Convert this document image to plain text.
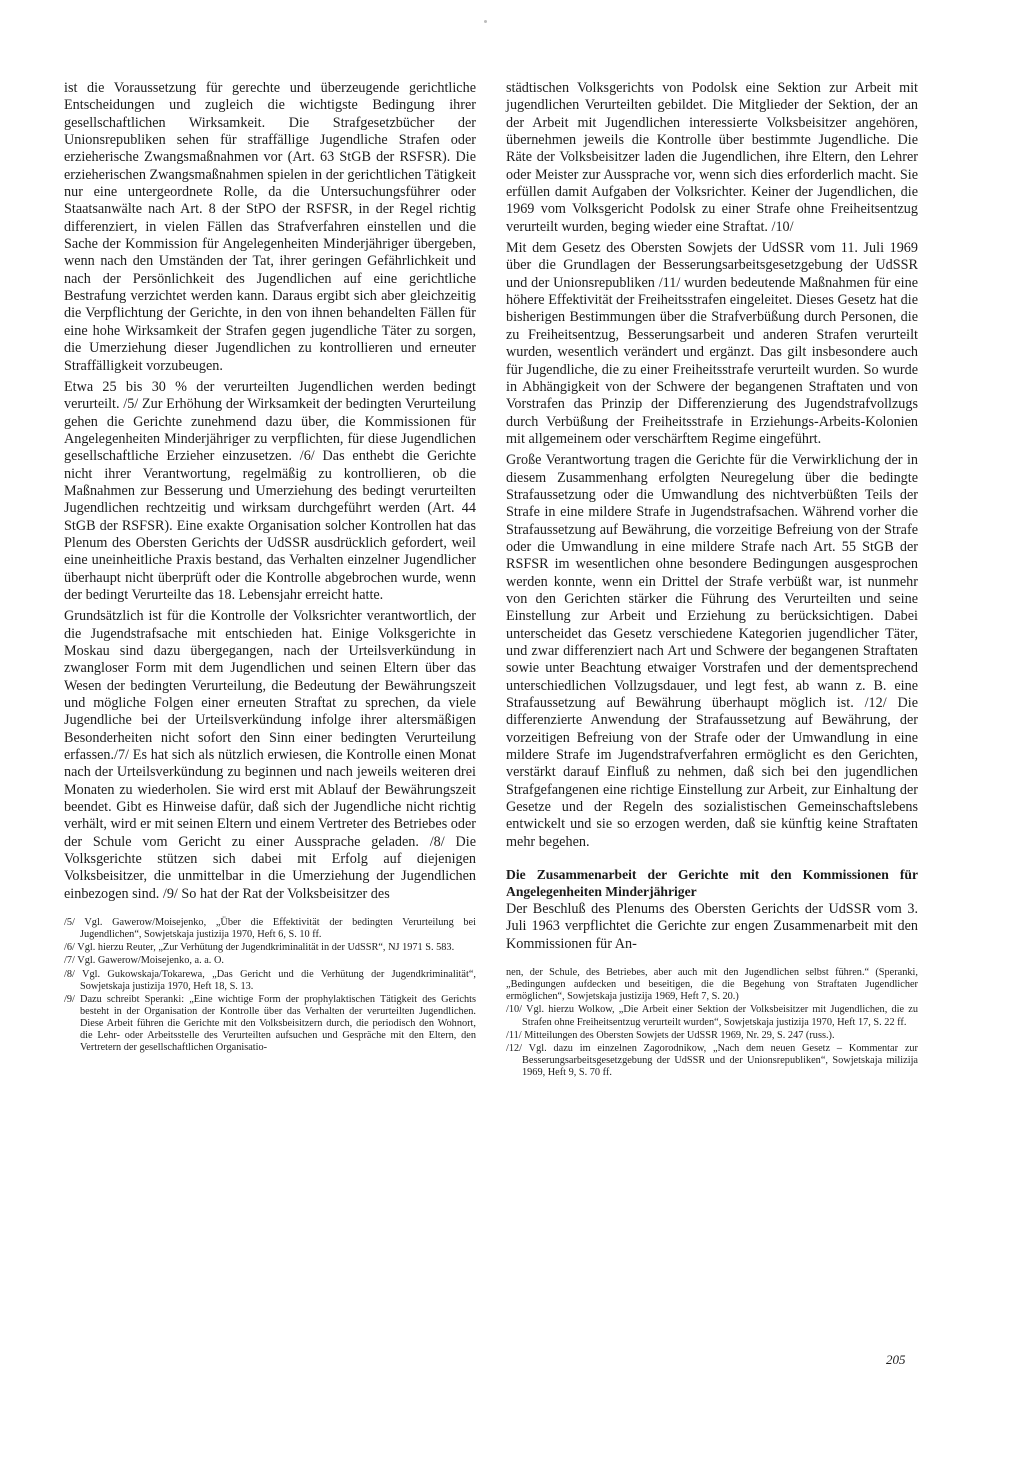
ist die Voraussetzung für gerechte und überzeugende gerichtliche Entscheidungen und zugleich die wichtigste Bedingung ihrer gesellschaftlichen Wirksamkeit. Die Strafgesetzbücher der Unionsrepubliken sehen für straffällige Jugendliche Strafen oder erzieherische Zwangsmaßnahmen vor (Art. 63 StGB der RSFSR). Die erzieherischen Zwangsmaßnahmen spielen in der gerichtlichen Tätigkeit nur eine untergeordnete Rolle, da die Untersuchungsführer oder Staatsanwälte nach Art. 8 der StPO der RSFSR, in der Regel richtig differenziert, in vielen Fällen das Strafverfahren einstellen und die Sache der Kommission für Angelegenheiten Minderjähriger übergeben, wenn nach den Umständen der Tat, ihrer geringen Gefährlichkeit und nach der Persönlichkeit des Jugendlichen auf eine gerichtliche Bestrafung verzichtet werden kann. Daraus ergibt sich aber gleichzeitig die Verpflichtung der Gerichte, in den von ihnen behandelten Fällen für eine hohe Wirksamkeit der Strafen gegen jugendliche Täter zu sorgen, die Umerziehung dieser Jugendlichen zu kontrollieren und erneuter Straffälligkeit vorzubeugen.

Etwa 25 bis 30 % der verurteilten Jugendlichen werden bedingt verurteilt. /5/ Zur Erhöhung der Wirksamkeit der bedingten Verurteilung gehen die Gerichte zunehmend dazu über, die Kommissionen für Angelegenheiten Minderjähriger zu verpflichten, für diese Jugendlichen gesellschaftliche Erzieher einzusetzen. /6/ Das enthebt die Gerichte nicht ihrer Verantwortung, regelmäßig zu kontrollieren, ob die Maßnahmen zur Besserung und Umerziehung des bedingt verurteilten Jugendlichen rechtzeitig und wirksam durchgeführt werden (Art. 44 StGB der RSFSR). Eine exakte Organisation solcher Kontrollen hat das Plenum des Obersten Gerichts der UdSSR ausdrücklich gefordert, weil eine uneinheitliche Praxis bestand, das Verhalten einzelner Jugendlicher überhaupt nicht überprüft oder die Kontrolle abgebrochen wurde, wenn der bedingt Verurteilte das 18. Lebensjahr erreicht hatte.

Grundsätzlich ist für die Kontrolle der Volksrichter verantwortlich, der die Jugendstrafsache mit entschieden hat. Einige Volksgerichte in Moskau sind dazu übergegangen, nach der Urteilsverkündung in zwangloser Form mit dem Jugendlichen und seinen Eltern über das Wesen der bedingten Verurteilung, die Bedeutung der Bewährungszeit und mögliche Folgen einer erneuten Straftat zu sprechen, da viele Jugendliche bei der Urteilsverkündung infolge ihrer altersmäßigen Besonderheiten nicht sofort den Sinn einer bedingten Verurteilung erfassen./7/ Es hat sich als nützlich erwiesen, die Kontrolle einen Monat nach der Urteilsverkündung zu beginnen und nach jeweils weiteren drei Monaten zu wiederholen. Sie wird erst mit Ablauf der Bewährungszeit beendet. Gibt es Hinweise dafür, daß sich der Jugendliche nicht richtig verhält, wird er mit seinen Eltern und einem Vertreter des Betriebes oder der Schule vom Gericht zu einer Aussprache geladen. /8/ Die Volksgerichte stützen sich dabei mit Erfolg auf diejenigen Volksbeisitzer, die unmittelbar in die Umerziehung der Jugendlichen einbezogen sind. /9/ So hat der Rat der Volksbeisitzer des

/5/ Vgl. Gawerow/Moisejenko, „Über die Effektivität der bedingten Verurteilung bei Jugendlichen“, Sowjetskaja justizija 1970, Heft 6, S. 10 ff.

/6/ Vgl. hierzu Reuter, „Zur Verhütung der Jugendkriminalität in der UdSSR“, NJ 1971 S. 583.

/7/ Vgl. Gawerow/Moisejenko, a. a. O.

/8/ Vgl. Gukowskaja/Tokarewa, „Das Gericht und die Verhütung der Jugendkriminalität“, Sowjetskaja justizija 1970, Heft 18, S. 13.

/9/ Dazu schreibt Speranki: „Eine wichtige Form der prophylaktischen Tätigkeit des Gerichts besteht in der Organisation der Kontrolle über das Verhalten der verurteilten Jugendlichen. Diese Arbeit führen die Gerichte mit den Volksbeisitzern durch, die periodisch den Wohnort, die Lehr- oder Arbeitsstelle des Verurteilten aufsuchen und Gespräche mit den Eltern, den Vertretern der gesellschaftlichen Organisatio-

städtischen Volksgerichts von Podolsk eine Sektion zur Arbeit mit jugendlichen Verurteilten gebildet. Die Mitglieder der Sektion, der an der Arbeit mit Jugendlichen interessierte Volksbeisitzer angehören, übernehmen jeweils die Kontrolle über bestimmte Jugendliche. Die Räte der Volksbeisitzer laden die Jugendlichen, ihre Eltern, den Lehrer oder Meister zur Aussprache vor, wenn sich dies erforderlich macht. Sie erfüllen damit Aufgaben der Volksrichter. Keiner der Jugendlichen, die 1969 vom Volksgericht Podolsk zu einer Strafe ohne Freiheitsentzug verurteilt wurden, beging wieder eine Straftat. /10/

Mit dem Gesetz des Obersten Sowjets der UdSSR vom 11. Juli 1969 über die Grundlagen der Besserungsarbeitsgesetzgebung der UdSSR und der Unionsrepubliken /11/ wurden bedeutende Maßnahmen für eine höhere Effektivität der Freiheitsstrafen eingeleitet. Dieses Gesetz hat die bisherigen Bestimmungen über die Strafverbüßung durch Personen, die zu Freiheitsentzug, Besserungsarbeit und anderen Strafen verurteilt wurden, wesentlich verändert und ergänzt. Das gilt insbesondere auch für Jugendliche, die zu einer Freiheitsstrafe verurteilt wurden. So wurde in Abhängigkeit von der Schwere der begangenen Straftaten und von Vorstrafen das Prinzip der Differenzierung des Jugendstrafvollzugs durch Verbüßung der Freiheitsstrafe in Erziehungs-Arbeits-Kolonien mit allgemeinem oder verschärftem Regime eingeführt.

Große Verantwortung tragen die Gerichte für die Verwirklichung der in diesem Zusammenhang erfolgten Neuregelung über die bedingte Strafaussetzung oder die Umwandlung des nichtverbüßten Teils der Strafe in eine mildere Strafe in Jugendstrafsachen. Während vorher die Strafaussetzung auf Bewährung, die vorzeitige Befreiung von der Strafe oder die Umwandlung in eine mildere Strafe nach Art. 55 StGB der RSFSR im wesentlichen ohne besondere Bedingungen ausgesprochen werden konnte, wenn ein Drittel der Strafe verbüßt war, ist nunmehr von den Gerichten stärker die Führung des Verurteilten und seine Einstellung zur Arbeit und Erziehung zu berücksichtigen. Dabei unterscheidet das Gesetz verschiedene Kategorien jugendlicher Täter, und zwar differenziert nach Art und Schwere der begangenen Straftaten sowie unter Beachtung etwaiger Vorstrafen und der dementsprechend unterschiedlichen Vollzugsdauer, und legt fest, ab wann z. B. eine Strafaussetzung auf Bewährung überhaupt möglich ist. /12/ Die differenzierte Anwendung der Strafaussetzung auf Bewährung, der vorzeitigen Befreiung von der Strafe oder der Umwandlung in eine mildere Strafe im Jugendstrafverfahren ermöglicht es den Gerichten, verstärkt darauf Einfluß zu nehmen, daß sich bei den jugendlichen Strafgefangenen eine richtige Einstellung zur Arbeit, zur Einhaltung der Gesetze und der Regeln des sozialistischen Gemeinschaftslebens entwickelt und sie so erzogen werden, daß sie künftig keine Straftaten mehr begehen.

Die Zusammenarbeit der Gerichte mit den Kommissionen für Angelegenheiten Minderjähriger

Der Beschluß des Plenums des Obersten Gerichts der UdSSR vom 3. Juli 1963 verpflichtet die Gerichte zur engen Zusammenarbeit mit den Kommissionen für An-

nen, der Schule, des Betriebes, aber auch mit den Jugendlichen selbst führen.“ (Speranki, „Bedingungen aufdecken und beseitigen, die die Begehung von Straftaten Jugendlicher ermöglichen“, Sowjetskaja justizija 1969, Heft 7, S. 20.)

/10/ Vgl. hierzu Wolkow, „Die Arbeit einer Sektion der Volksbeisitzer mit Jugendlichen, die zu Strafen ohne Freiheitsentzug verurteilt wurden“, Sowjetskaja justizija 1970, Heft 17, S. 22 ff.

/11/ Mitteilungen des Obersten Sowjets der UdSSR 1969, Nr. 29, S. 247 (russ.).

/12/ Vgl. dazu im einzelnen Zagorodnikow, „Nach dem neuen Gesetz – Kommentar zur Besserungsarbeitsgesetzgebung der UdSSR und der Unionsrepubliken“, Sowjetskaja milizija 1969, Heft 9, S. 70 ff.

205
